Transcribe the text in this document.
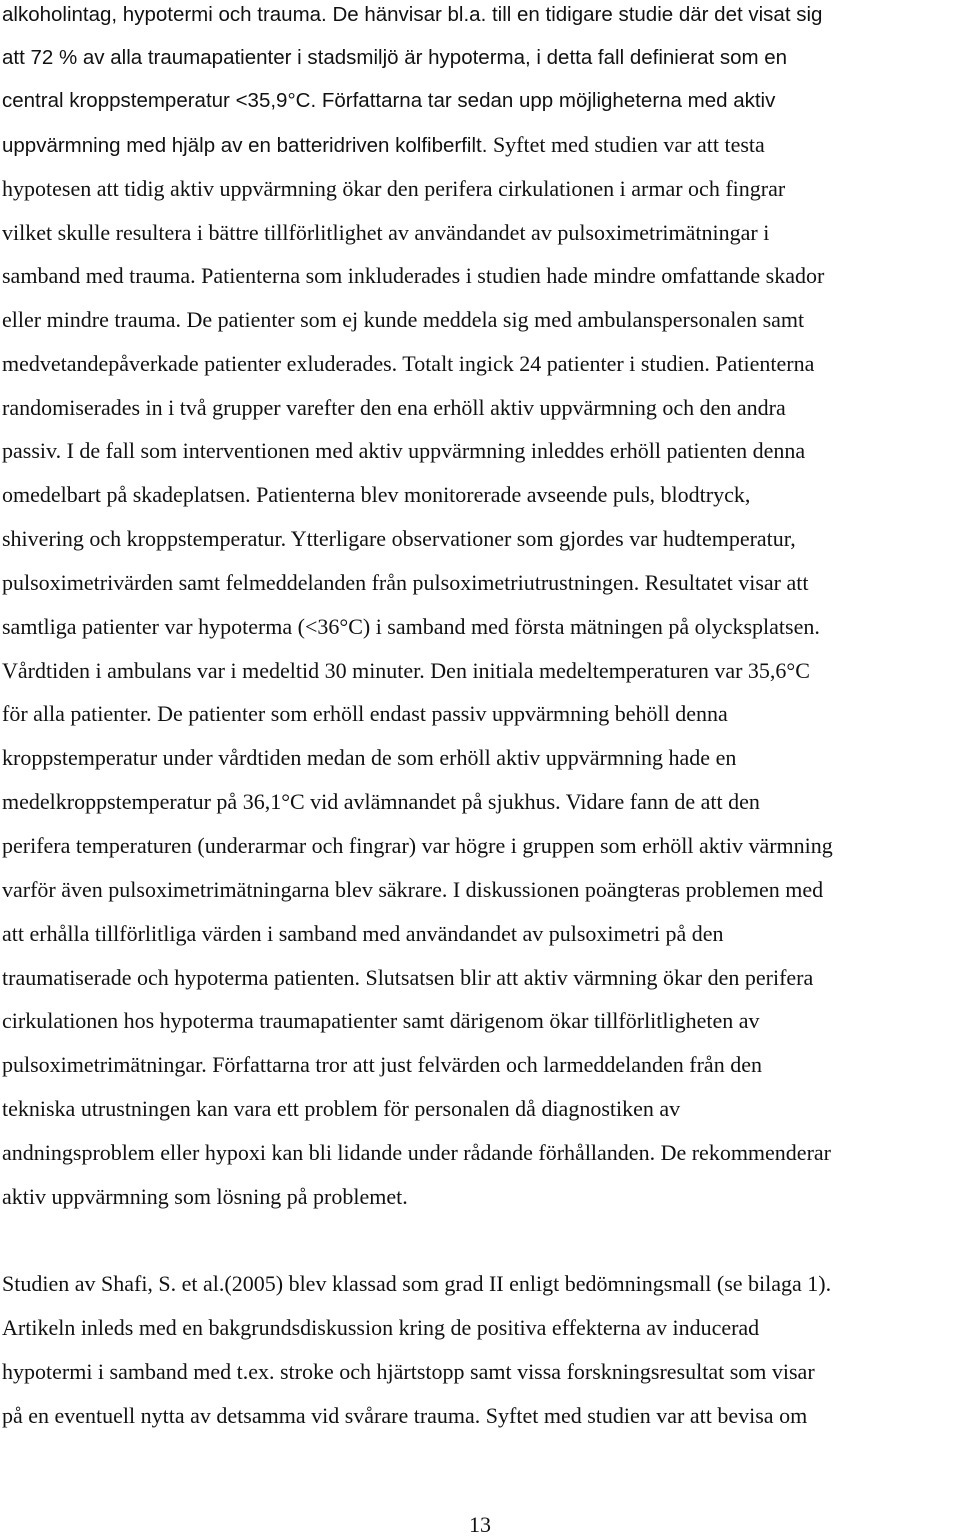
alkoholintag, hypotermi och trauma. De hänvisar bl.a. till en tidigare studie där det visat sig
att 72 % av alla traumapatienter i stadsmiljö är hypoterma, i detta fall definierat som en
central kroppstemperatur <35,9°C. Författarna tar sedan upp möjligheterna med aktiv
uppvärmning med hjälp av en batteridriven kolfiberfilt. Syftet med studien var att testa
hypotesen att tidig aktiv uppvärmning ökar den perifera cirkulationen i armar och fingrar
vilket skulle resultera i bättre tillförlitlighet av användandet av pulsoximetrimätningar i
samband med trauma. Patienterna som inkluderades i studien hade mindre omfattande skador
eller mindre trauma. De patienter som ej kunde meddela sig med ambulanspersonalen samt
medvetandepåverkade patienter exluderades. Totalt ingick 24 patienter i studien. Patienterna
randomiserades in i två grupper varefter den ena erhöll aktiv uppvärmning och den andra
passiv. I de fall som interventionen med aktiv uppvärmning inleddes erhöll patienten denna
omedelbart på skadeplatsen. Patienterna blev monitorerade avseende puls, blodtryck,
shivering och kroppstemperatur. Ytterligare observationer som gjordes var hudtemperatur,
pulsoximetrivärden samt felmeddelanden från pulsoximetriutrustningen. Resultatet visar att
samtliga patienter var hypoterma (<36°C) i samband med första mätningen på olycksplatsen.
Vårdtiden i ambulans var i medeltid 30 minuter. Den initiala medeltemperaturen var 35,6°C
för alla patienter. De patienter som erhöll endast passiv uppvärmning behöll denna
kroppstemperatur under vårdtiden medan de som erhöll aktiv uppvärmning hade en
medelkroppstemperatur på 36,1°C vid avlämnandet på sjukhus. Vidare fann de att den
perifera temperaturen (underarmar och fingrar) var högre i gruppen som erhöll aktiv värmning
varför även pulsoximetrimätningarna blev säkrare. I diskussionen poängteras problemen med
att erhålla tillförlitliga värden i samband med användandet av pulsoximetri på den
traumatiserade och hypoterma patienten. Slutsatsen blir att aktiv värmning ökar den perifera
cirkulationen hos hypoterma traumapatienter samt därigenom ökar tillförlitligheten av
pulsoximetrimätningar. Författarna tror att just felvärden och larmeddelanden från den
tekniska utrustningen kan vara ett problem för personalen då diagnostiken av
andningsproblem eller hypoxi kan bli lidande under rådande förhållanden. De rekommenderar
aktiv uppvärmning som lösning på problemet.
Studien av Shafi, S. et al.(2005) blev klassad som grad II enligt bedömningsmall (se bilaga 1).
Artikeln inleds med en bakgrundsdiskussion kring de positiva effekterna av inducerad
hypotermi i samband med t.ex. stroke och hjärtstopp samt vissa forskningsresultat som visar
på en eventuell nytta av detsamma vid svårare trauma. Syftet med studien var att bevisa om
13
